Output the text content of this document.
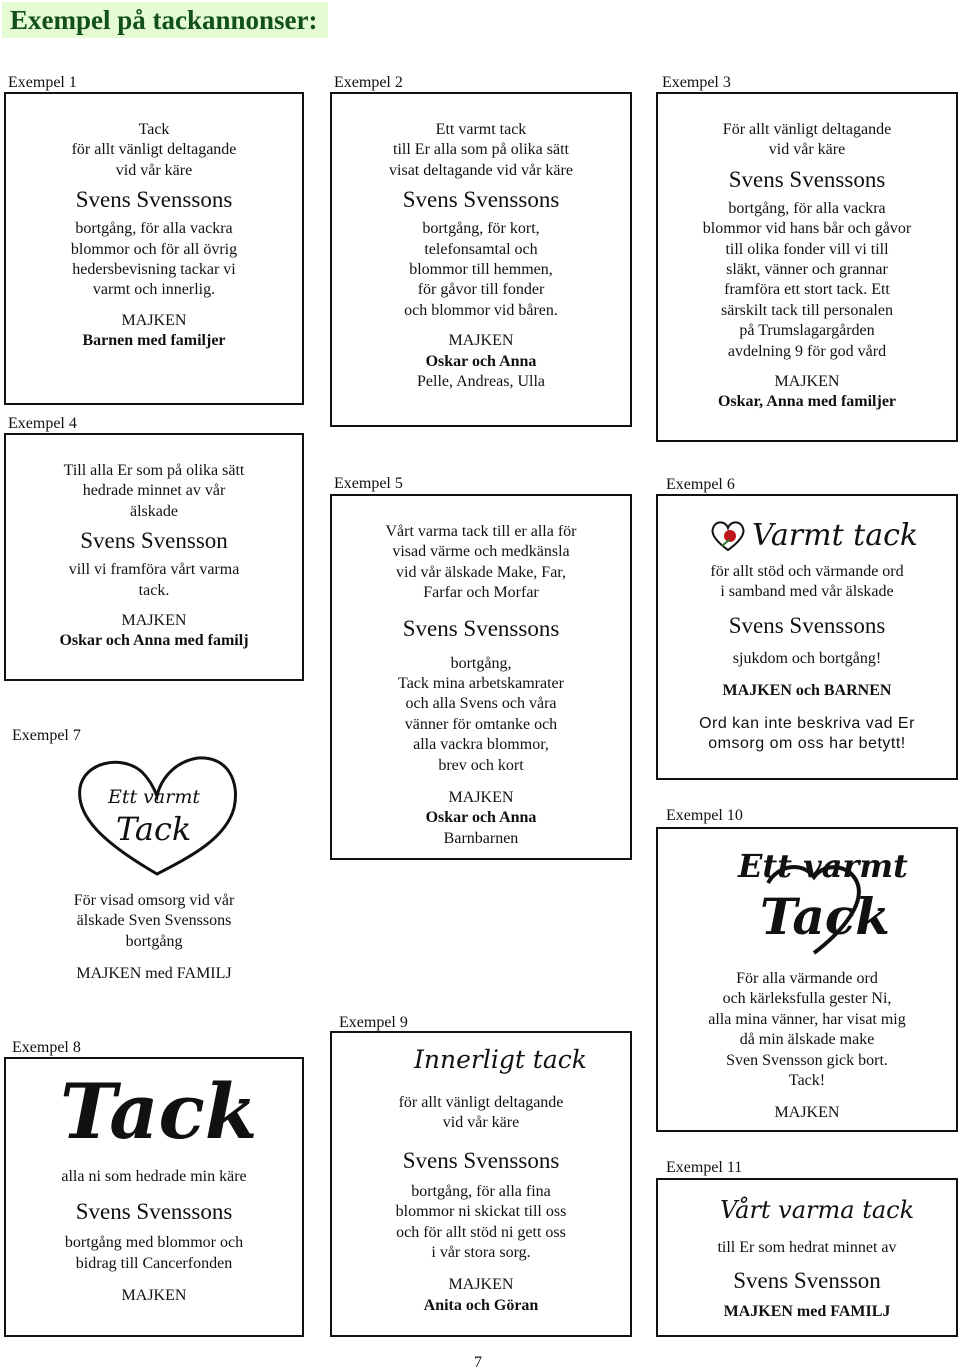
Exempel på tackannonser:
Exempel 1	Exempel 2	Exempel 3
Exempel 4
Exempel 5	Exempel 6
Exempel 7
Exempel 10
Exempel 9
Exempel 8
Exempel 11
Tack
för allt vänligt deltagande
vid vår käre
Svens Svenssons
bortgång, för alla vackra
blommor och för all övrig
hedersbevisning tackar vi
varmt och innerlig.
MAJKEN
Barnen med familjer
Ett varmt tack
till Er alla som på olika sätt
visat deltagande vid vår käre
Svens Svenssons
bortgång, för kort,
telefonsamtal och
blommor till hemmen,
för gåvor till fonder
och blommor vid båren.
MAJKEN
Oskar och Anna
Pelle, Andreas, Ulla
För allt vänligt deltagande
vid vår käre
Svens Svenssons
bortgång, för alla vackra
blommor vid hans bår och gåvor
till olika fonder vill vi till
släkt, vänner och grannar
framföra ett stort tack. Ett
särskilt tack till personalen
på Trumslagargården
avdelning 9 för god vård
MAJKEN
Oskar, Anna med familjer
Till alla Er som på olika sätt
hedrade minnet av vår
älskade
Svens Svensson
vill vi framföra vårt varma
tack.
MAJKEN
Oskar och Anna med familj
Vårt varma tack till er alla för
visad värme och medkänsla
vid vår älskade Make, Far,
Farfar och Morfar
Svens Svenssons
bortgång,
Tack mina arbetskamrater
och alla Svens och våra
vänner för omtanke och
alla vackra blommor,
brev och kort
MAJKEN
Oskar och Anna
Barnbarnen
Varmt tack
för allt stöd och värmande ord
i samband med vår älskade
Svens Svenssons
sjukdom och bortgång!
MAJKEN och BARNEN
Ord kan inte beskriva vad Er
omsorg om oss har betytt!
Ett varmt
Tack
För visad omsorg vid vår
älskade Sven Svenssons
bortgång
MAJKEN med FAMILJ
Tack
alla ni som hedrade min käre
Svens Svenssons
bortgång med blommor och
bidrag till Cancerfonden
MAJKEN
Innerligt tack
för allt vänligt deltagande
vid vår käre
Svens Svenssons
bortgång, för alla fina
blommor ni skickat till oss
och för allt stöd ni gett oss
i vår stora sorg.
MAJKEN
Anita och Göran
Ett varmt
Tack
För alla värmande ord
och kärleksfulla gester Ni,
alla mina vänner, har visat mig
då min älskade make
Sven Svensson gick bort.
Tack!
MAJKEN
Vårt varma tack
till Er som hedrat minnet av
Svens Svensson
MAJKEN med FAMILJ
7
